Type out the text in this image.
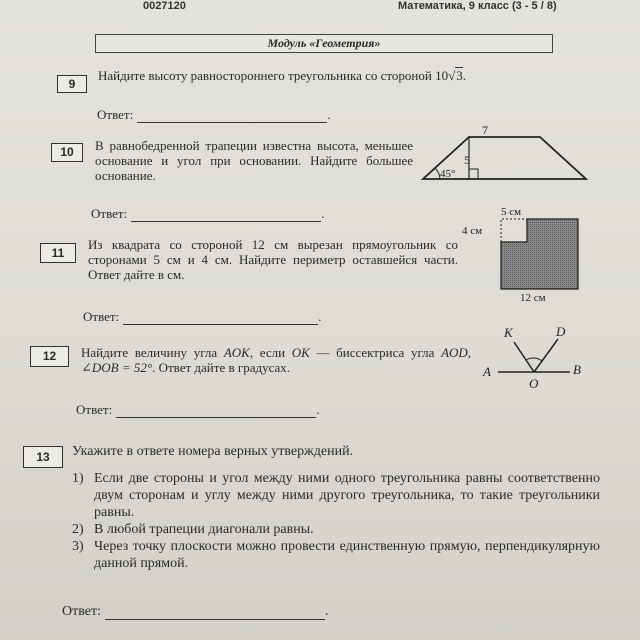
0027120	Математика, 9 класс (3 - 5 / 8)
Модуль «Геометрия»
9
Найдите высоту равностороннего треугольника со стороной 10√3.
Ответ:	.
10	В равнобедренной трапеции известна высота, меньшее основание и угол при основании. Найдите большее основание.
7
5
45°
Ответ:	.
11
Из квадрата со стороной 12 см вырезан прямоугольник со сторонами 5 см и 4 см. Найдите периметр оставшейся части. Ответ дайте в см.
5 см
4 см
12 см
Ответ:	.
12	Найдите величину угла AOK, если OK — биссектриса угла AOD, ∠DOB = 52°. Ответ дайте в градусах.	A	B
O
K	D
Ответ:	.
13	Укажите в ответе номера верных утверждений.
1) Если две стороны и угол между ними одного треугольника равны соответственно двум сторонам и углу между ними другого треугольника, то такие треугольники равны.
2) В любой трапеции диагонали равны.
3) Через точку плоскости можно провести единственную прямую, перпендикулярную данной прямой.
Ответ:	.
